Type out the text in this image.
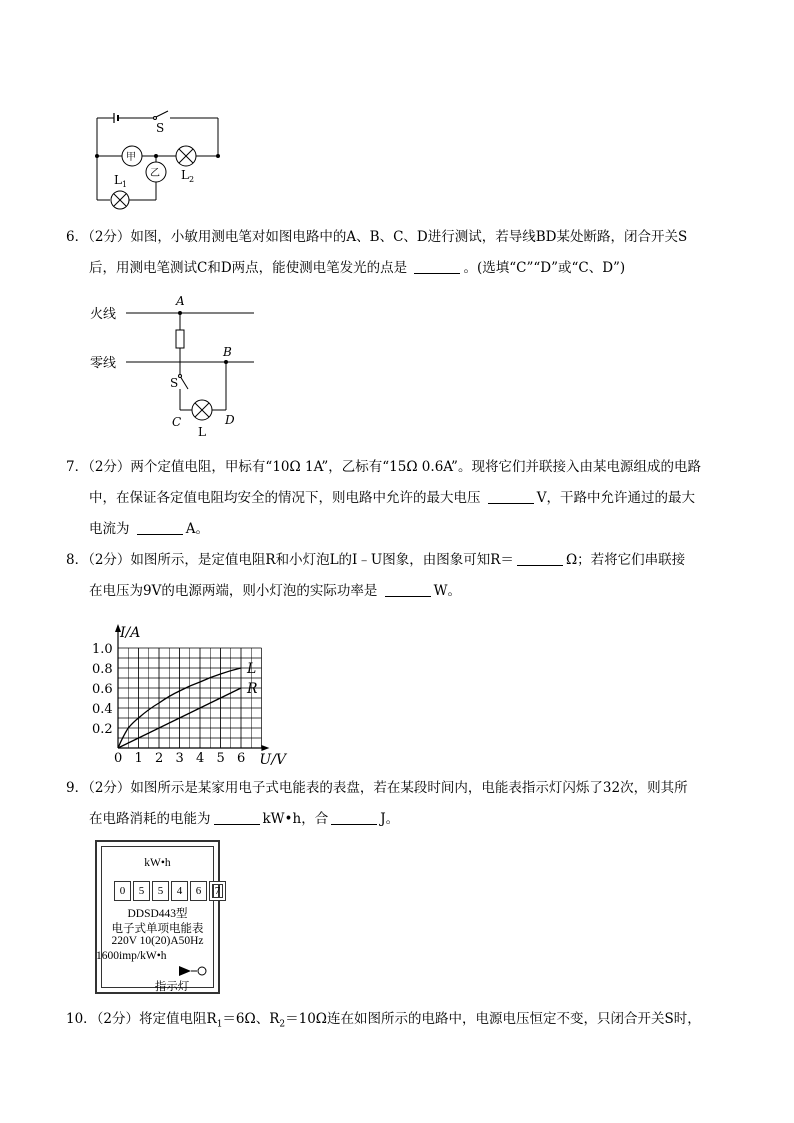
S
甲
乙
$L_1$
$L_2$
6．（2分）如图，小敏用测电笔对如图电路中的A、B、C、D进行测试，若导线BD某处断路，闭合开关S
后，用测电笔测试C和D两点，能使测电笔发光的点是	。(选填“C”“D”或“C、D”)
火线
零线
A
B
S
C	D
L
7．（2分）两个定值电阻，甲标有“10Ω 1A”，乙标有“15Ω 0.6A”。现将它们并联接入由某电源组成的电路
中，在保证各定值电阻均安全的情况下，则电路中允许的最大电压	V，干路中允许通过的最大
电流为	A。
8．（2分）如图所示，是定值电阻R和小灯泡L的I﹣U图象，由图象可知R＝	Ω；若将它们串联接
在电压为9V的电源两端，则小灯泡的实际功率是	W。
0 1 2 3 4 5 6
0.2
0.4
0.6
0.8
1.0
U/V
I/A
L
R
9．（2分）如图所示是某家用电子式电能表的表盘，若在某段时间内，电能表指示灯闪烁了32次，则其所
在电路消耗的电能为	kW•h，合	J。
kW•h
0	5	5	4	6	7
DDSD443型
电子式单项电能表
220V 10(20)A50Hz
1600imp/kW•h
指示灯
10．（2分）将定值电阻$R_1=6\Omega$、$R_2=10\Omega$连在如图所示的电路中，电源电压恒定不变，只闭合开关S时，
